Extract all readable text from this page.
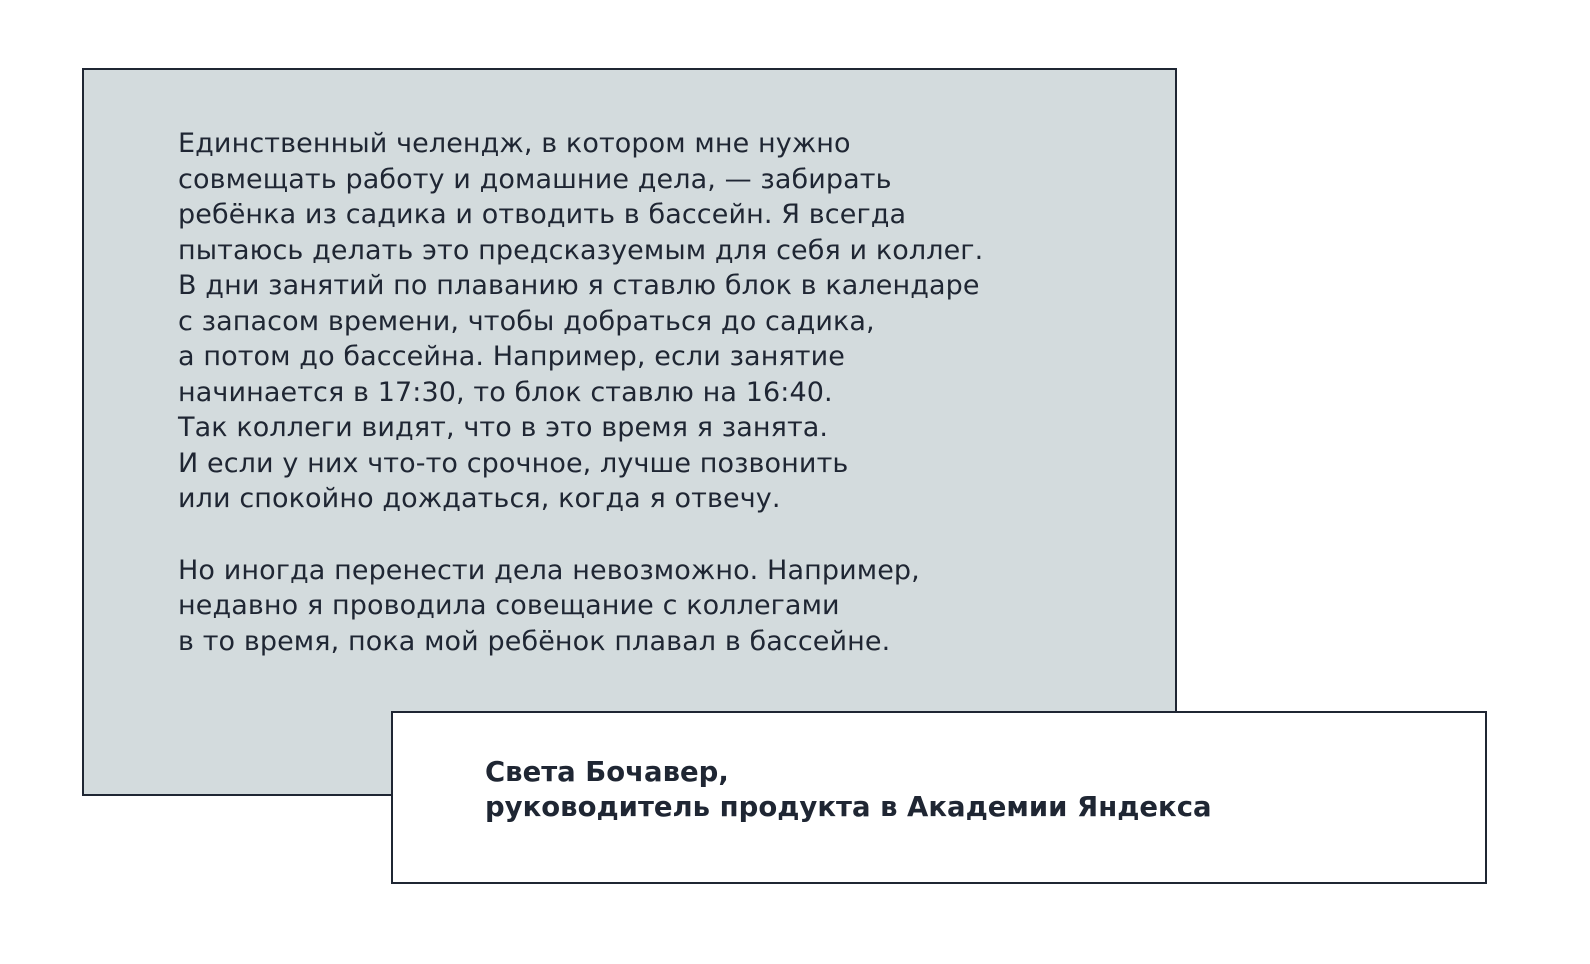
Единственный челендж, в котором мне нужно
совмещать работу и домашние дела, — забирать
ребёнка из садика и отводить в бассейн. Я всегда
пытаюсь делать это предсказуемым для себя и коллег.
В дни занятий по плаванию я ставлю блок в календаре
с запасом времени, чтобы добраться до садика,
а потом до бассейна. Например, если занятие
начинается в 17:30, то блок ставлю на 16:40.
Так коллеги видят, что в это время я занята.
И если у них что-то срочное, лучше позвонить
или спокойно дождаться, когда я отвечу.
Но иногда перенести дела невозможно. Например,
недавно я проводила совещание с коллегами
в то время, пока мой ребёнок плавал в бассейне.
Света Бочавер,
руководитель продукта в Академии Яндекса
